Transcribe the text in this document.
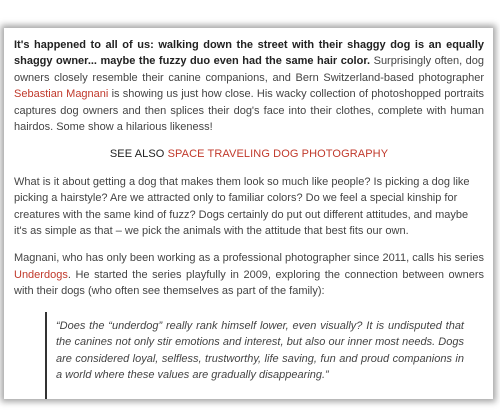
It's happened to all of us: walking down the street with their shaggy dog is an equally shaggy owner... maybe the fuzzy duo even had the same hair color. Surprisingly often, dog owners closely resemble their canine companions, and Bern Switzerland-based photographer Sebastian Magnani is showing us just how close. His wacky collection of photoshopped portraits captures dog owners and then splices their dog's face into their clothes, complete with human hairdos. Some show a hilarious likeness!

SEE ALSO SPACE TRAVELING DOG PHOTOGRAPHY

What is it about getting a dog that makes them look so much like people? Is picking a dog like picking a hairstyle? Are we attracted only to familiar colors? Do we feel a special kinship for creatures with the same kind of fuzz? Dogs certainly do put out different attitudes, and maybe it's as simple as that – we pick the animals with the attitude that best fits our own.

Magnani, who has only been working as a professional photographer since 2011, calls his series Underdogs. He started the series playfully in 2009, exploring the connection between owners with their dogs (who often see themselves as part of the family):

“Does the “underdog” really rank himself lower, even visually? It is undisputed that the canines not only stir emotions and interest, but also our inner most needs. Dogs are considered loyal, selfless, trustworthy, life saving, fun and proud companions in a world where these values are gradually disappearing.”
